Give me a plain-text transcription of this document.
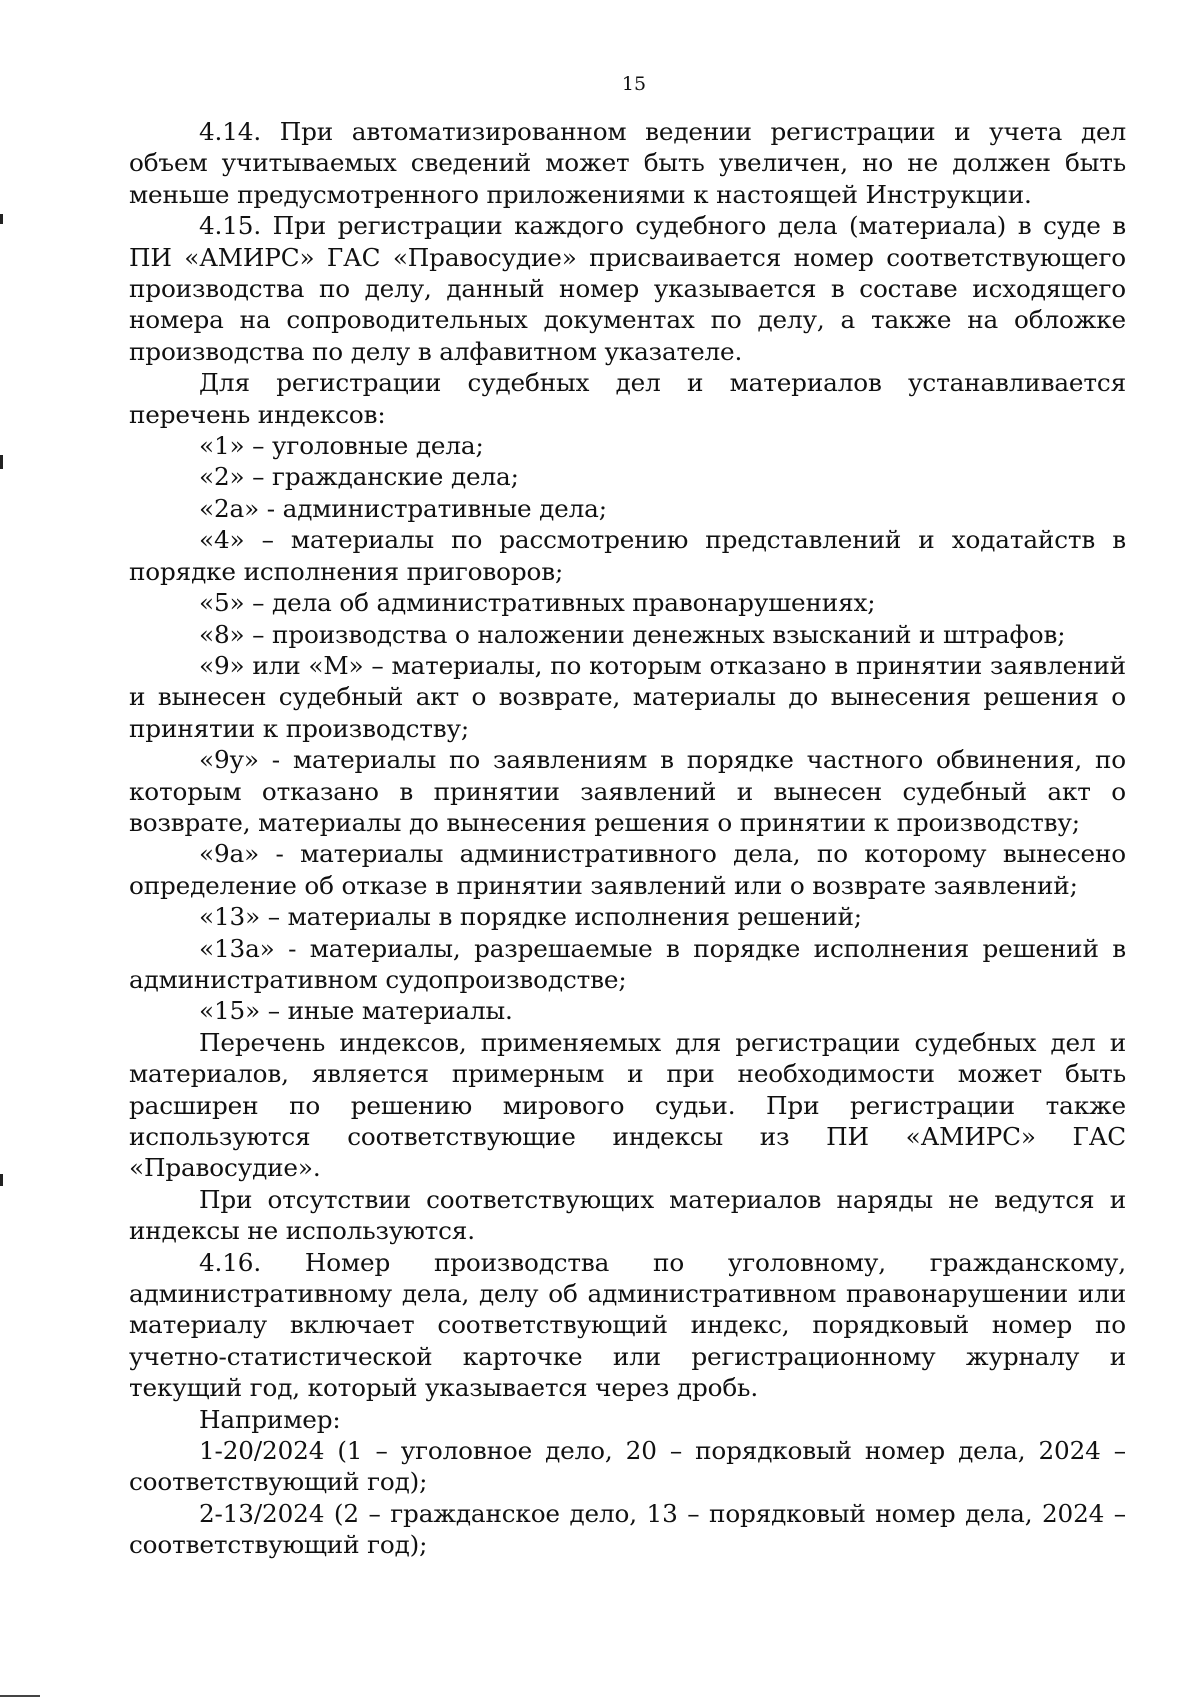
15

4.14. При автоматизированном ведении регистрации и учета дел объем учитываемых сведений может быть увеличен, но не должен быть меньше предусмотренного приложениями к настоящей Инструкции.

4.15. При регистрации каждого судебного дела (материала) в суде в ПИ «АМИРС» ГАС «Правосудие» присваивается номер соответствующего производства по делу, данный номер указывается в составе исходящего номера на сопроводительных документах по делу, а также на обложке производства по делу в алфавитном указателе.

Для регистрации судебных дел и материалов устанавливается перечень индексов:

«1» – уголовные дела;

«2» – гражданские дела;

«2а» - административные дела;

«4» – материалы по рассмотрению представлений и ходатайств в порядке исполнения приговоров;

«5» – дела об административных правонарушениях;

«8» – производства о наложении денежных взысканий и штрафов;

«9» или «М» – материалы, по которым отказано в принятии заявлений и вынесен судебный акт о возврате, материалы до вынесения решения о принятии к производству;

«9у» - материалы по заявлениям в порядке частного обвинения, по которым отказано в принятии заявлений и вынесен судебный акт о возврате, материалы до вынесения решения о принятии к производству;

«9а» - материалы административного дела, по которому вынесено определение об отказе в принятии заявлений или о возврате заявлений;

«13» – материалы в порядке исполнения решений;

«13а» - материалы, разрешаемые в порядке исполнения решений в административном судопроизводстве;

«15» – иные материалы.

Перечень индексов, применяемых для регистрации судебных дел и материалов, является примерным и при необходимости может быть расширен по решению мирового судьи. При регистрации также используются соответствующие индексы из ПИ «АМИРС» ГАС «Правосудие».

При отсутствии соответствующих материалов наряды не ведутся и индексы не используются.

4.16. Номер производства по уголовному, гражданскому, административному дела, делу об административном правонарушении или материалу включает соответствующий индекс, порядковый номер по учетно-статистической карточке или регистрационному журналу и текущий год, который указывается через дробь.

Например:

1-20/2024 (1 – уголовное дело, 20 – порядковый номер дела, 2024 – соответствующий год);

2-13/2024 (2 – гражданское дело, 13 – порядковый номер дела, 2024 – соответствующий год);
